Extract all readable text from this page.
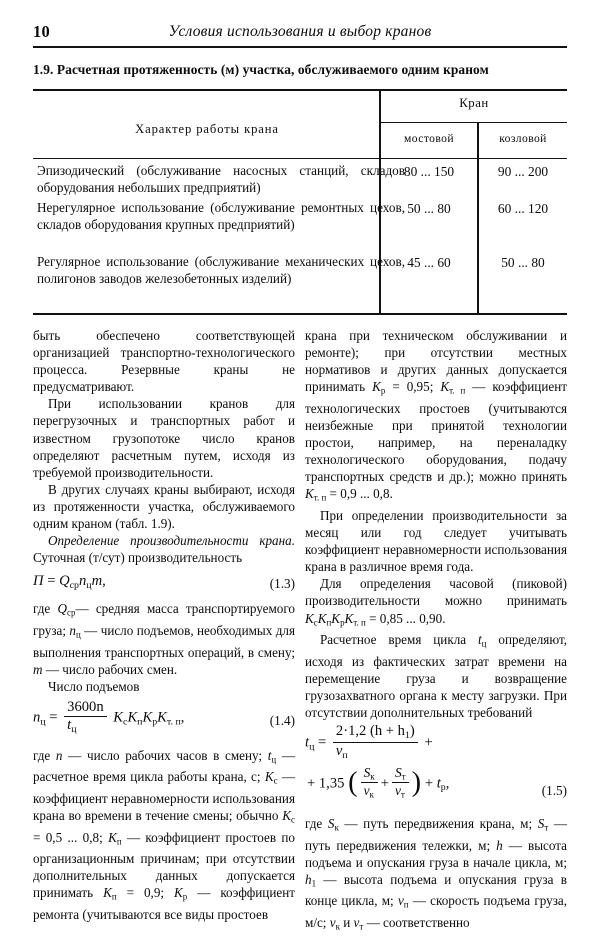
10	Условия использования и выбор кранов
1.9. Расчетная протяженность (м) участка, обслуживаемого одним краном
Характер работы крана
Кран
мостовой	козловой
Эпизодический (обслуживание насосных станций, складов оборудования небольших предприятий)
80 ... 150	90 ... 200
Нерегулярное использование (обслуживание ремонтных цехов, складов оборудования крупных предприятий)
50 ... 80	60 ... 120
Регулярное использование (обслуживание механических цехов, полигонов заводов железобетонных изделий)
45 ... 60	50 ... 80

быть обеспечено соответствующей организацией транспортно-технологического процесса. Резервные краны не предусматривают.

При использовании кранов для перегрузочных и транспортных работ и известном грузопотоке число кранов определяют расчетным путем, исходя из требуемой производительности.

В других случаях краны выбирают, исходя из протяженности участка, обслуживаемого одним краном (табл. 1.9).

Определение производительности крана. Суточная (т/сут) производительность

$П = Q_{ср}n_цm$,	(1.3)

где $Q_{ср}—$ средняя масса транспортируемого груза; $n_ц$ — число подъемов, необходимых для выполнения транспортных операций, в смену; m — число рабочих смен.

Число подъемов

$n_ц = \frac{3600n}{t_ц} K_сK_пK_рK_{т. п}$,	(1.4)

где n — число рабочих часов в смену; $t_ц$ — расчетное время цикла работы крана, с; $K_с$ — коэффициент неравномерности использования крана во времени в течение смены; обычно $K_с = 0,5$ ... 0,8; $K_п$ — коэффициент простоев по организационным причинам; при отсутствии дополнительных данных допускается принимать $K_п = 0,9$; $K_р$ — коэффициент ремонта (учитываются все виды простоев

крана при техническом обслуживании и ремонте); при отсутствии местных нормативов и других данных допускается принимать $K_р = 0,95$; $K_{т. п}$ — коэффициент технологических простоев (учитываются неизбежные при принятой технологии простои, например, на переналадку технологического оборудования, подачу транспортных средств и др.); можно принять $K_{т. п} = 0,9$ ... 0,8.

При определении производительности за месяц или год следует учитывать коэффициент неравномерности использования крана в различное время года.

Для определения часовой (пиковой) производительности можно принимать $K_сK_пK_рK_{т. п} = 0,85$ ... 0,90.

Расчетное время цикла $t_ц$ определяют, исходя из фактических затрат времени на перемещение груза и возвращение грузозахватного органа к месту загрузки. При отсутствии дополнительных требований

$t_ц = \frac{2\cdot 1,2 (h + h_1)}{v_п}$ +
+ 1,35 ( $\frac{S_к}{v_к} + \frac{S_т}{v_т}$ ) + $t_р$,	(1.5)

где $S_к$ — путь передвижения крана, м; $S_т$ — путь передвижения тележки, м; h — высота подъема и опускания груза в начале цикла, м; $h_1$ — высота подъема и опускания груза в конце цикла, м; $v_п$ — скорость подъема груза, м/с; $v_к$ и $v_т$ — соответственно
